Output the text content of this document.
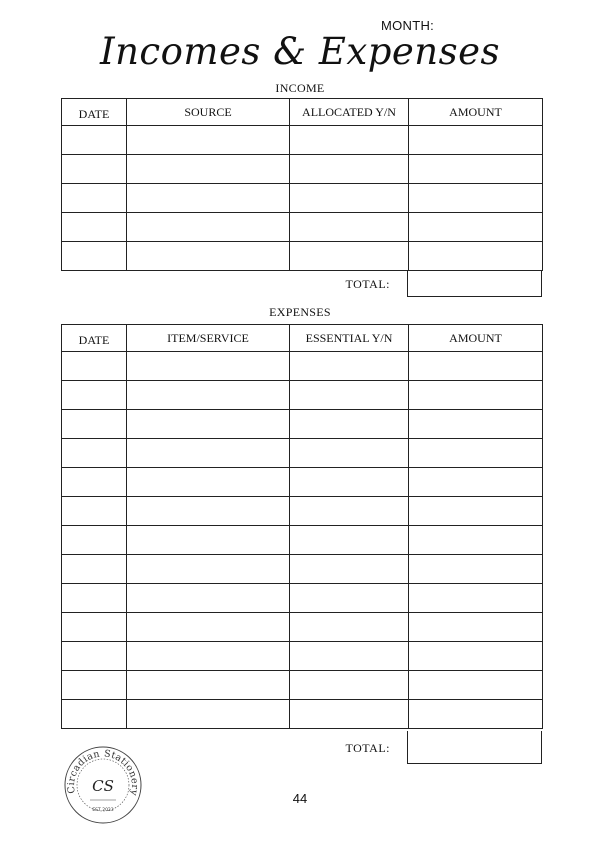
MONTH:
Incomes & Expenses
INCOME
DATE	SOURCE	ALLOCATED Y/N	AMOUNT

TOTAL:
EXPENSES
DATE	ITEM/SERVICE	ESSENTIAL Y/N	AMOUNT

TOTAL:
Circadian Stationery
CS
EST 2023
44
